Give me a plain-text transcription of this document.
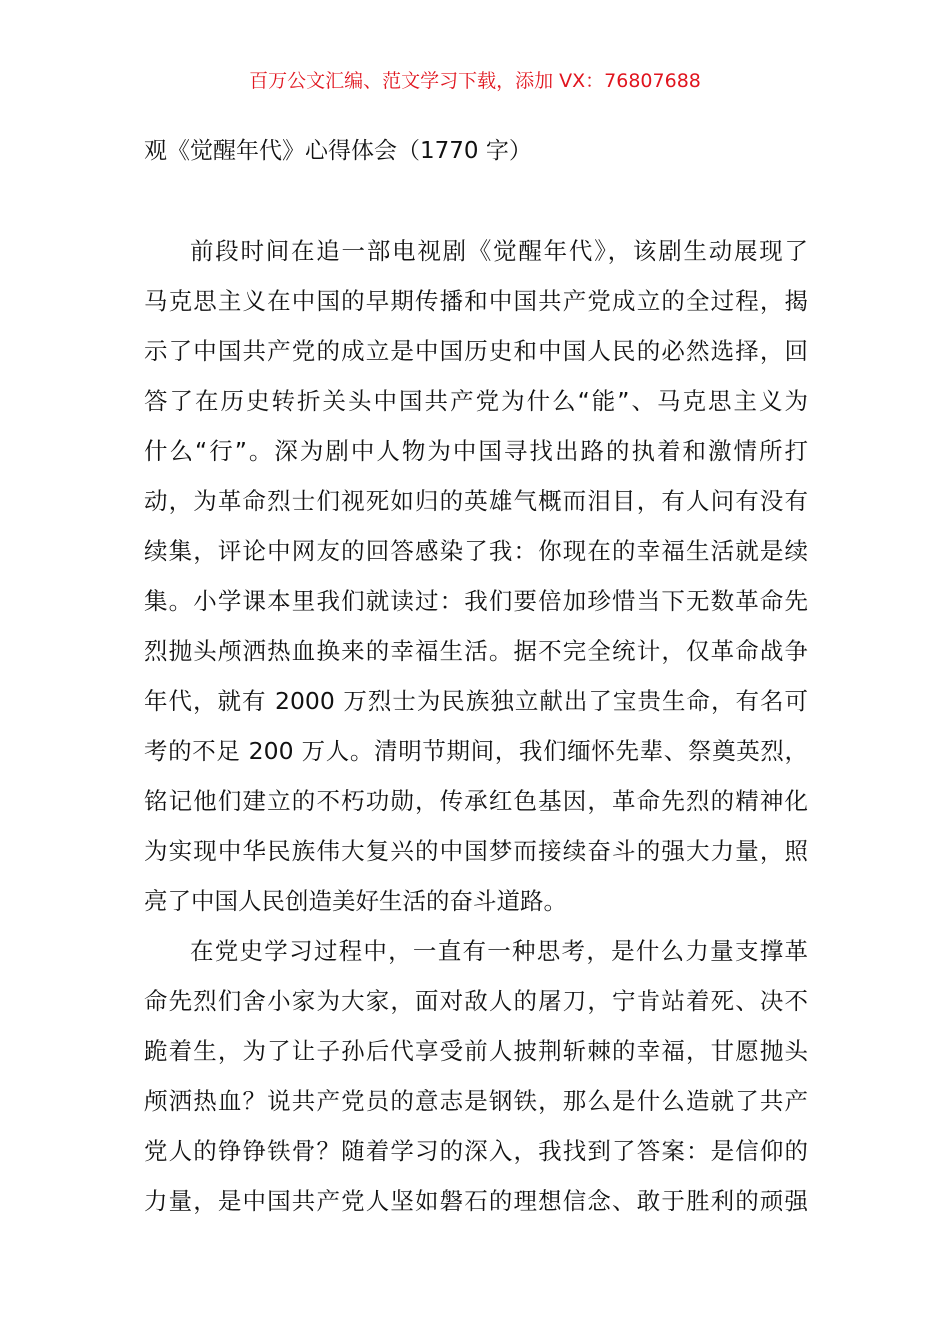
百万公文汇编、范文学习下载，添加 VX：76807688
观《觉醒年代》心得体会（1770 字）
前段时间在追一部电视剧《觉醒年代》，该剧生动展现了
马克思主义在中国的早期传播和中国共产党成立的全过程，揭
示了中国共产党的成立是中国历史和中国人民的必然选择，回
答了在历史转折关头中国共产党为什么“能”、马克思主义为
什么“行”。深为剧中人物为中国寻找出路的执着和激情所打
动，为革命烈士们视死如归的英雄气概而泪目，有人问有没有
续集，评论中网友的回答感染了我：你现在的幸福生活就是续
集。小学课本里我们就读过：我们要倍加珍惜当下无数革命先
烈抛头颅洒热血换来的幸福生活。据不完全统计，仅革命战争
年代，就有 2000 万烈士为民族独立献出了宝贵生命，有名可
考的不足 200 万人。清明节期间，我们缅怀先辈、祭奠英烈，
铭记他们建立的不朽功勋，传承红色基因，革命先烈的精神化
为实现中华民族伟大复兴的中国梦而接续奋斗的强大力量，照
亮了中国人民创造美好生活的奋斗道路。
在党史学习过程中，一直有一种思考，是什么力量支撑革
命先烈们舍小家为大家，面对敌人的屠刀，宁肯站着死、决不
跪着生，为了让子孙后代享受前人披荆斩棘的幸福，甘愿抛头
颅洒热血？说共产党员的意志是钢铁，那么是什么造就了共产
党人的铮铮铁骨？随着学习的深入，我找到了答案：是信仰的
力量，是中国共产党人坚如磐石的理想信念、敢于胜利的顽强
